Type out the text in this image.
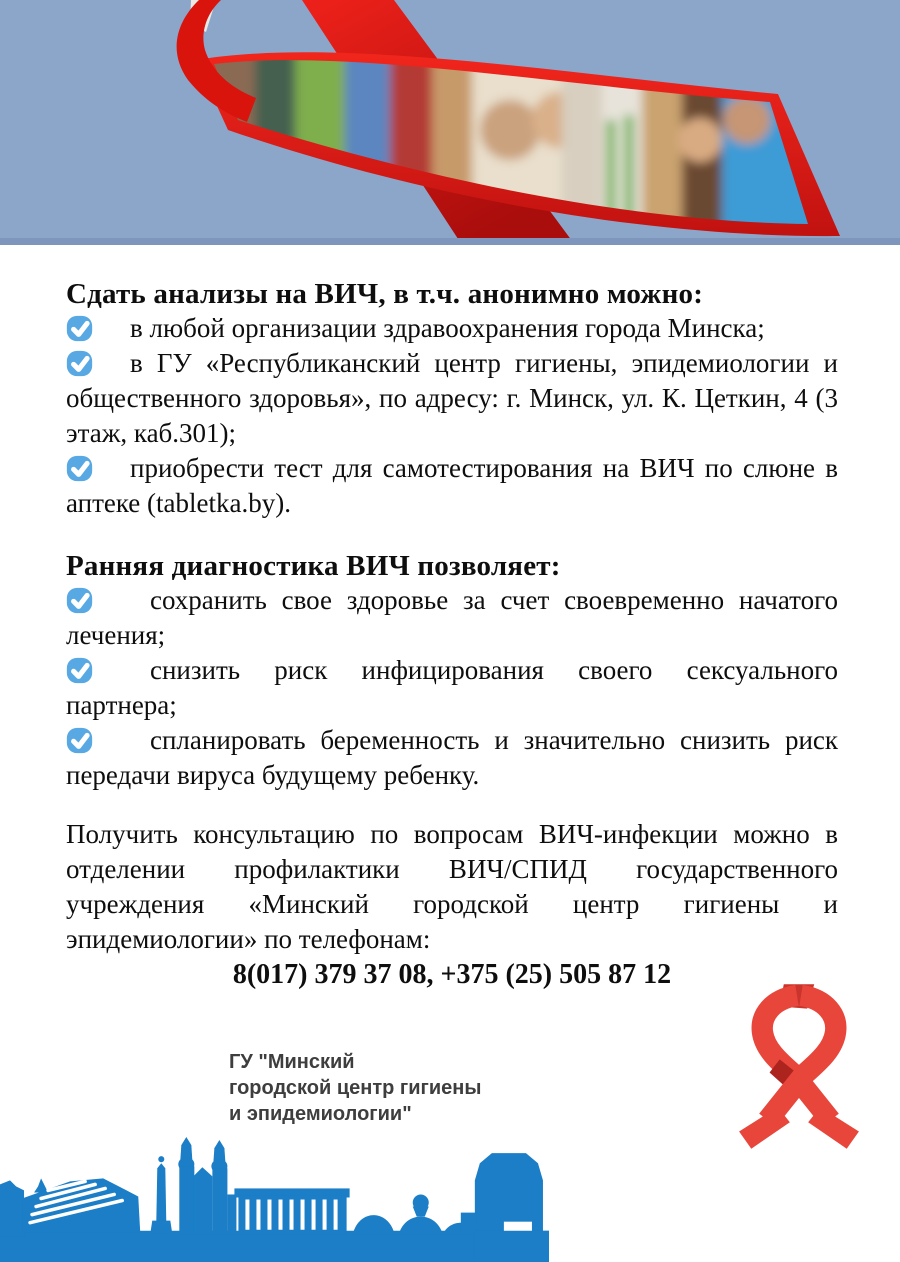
Сдать анализы на ВИЧ, в т.ч. анонимно можно:

в любой организации здравоохранения города Минска;

в ГУ «Республиканский центр гигиены, эпидемиологии и общественного здоровья», по адресу: г. Минск, ул. К. Цеткин, 4 (3 этаж, каб.301);

приобрести тест для самотестирования на ВИЧ по слюне в аптеке (tabletka.by).

Ранняя диагностика ВИЧ позволяет:

сохранить свое здоровье за счет своевременно начатого лечения;

снизить риск инфицирования своего сексуального партнера;

спланировать беременность и значительно снизить риск передачи вируса будущему ребенку.

Получить консультацию по вопросам ВИЧ-инфекции можно в отделении профилактики ВИЧ/СПИД государственного учреждения «Минский городской центр гигиены и эпидемиологии» по телефонам:

8(017) 379 37 08, +375 (25) 505 87 12

ГУ "Минский
городской центр гигиены
и эпидемиологии"
